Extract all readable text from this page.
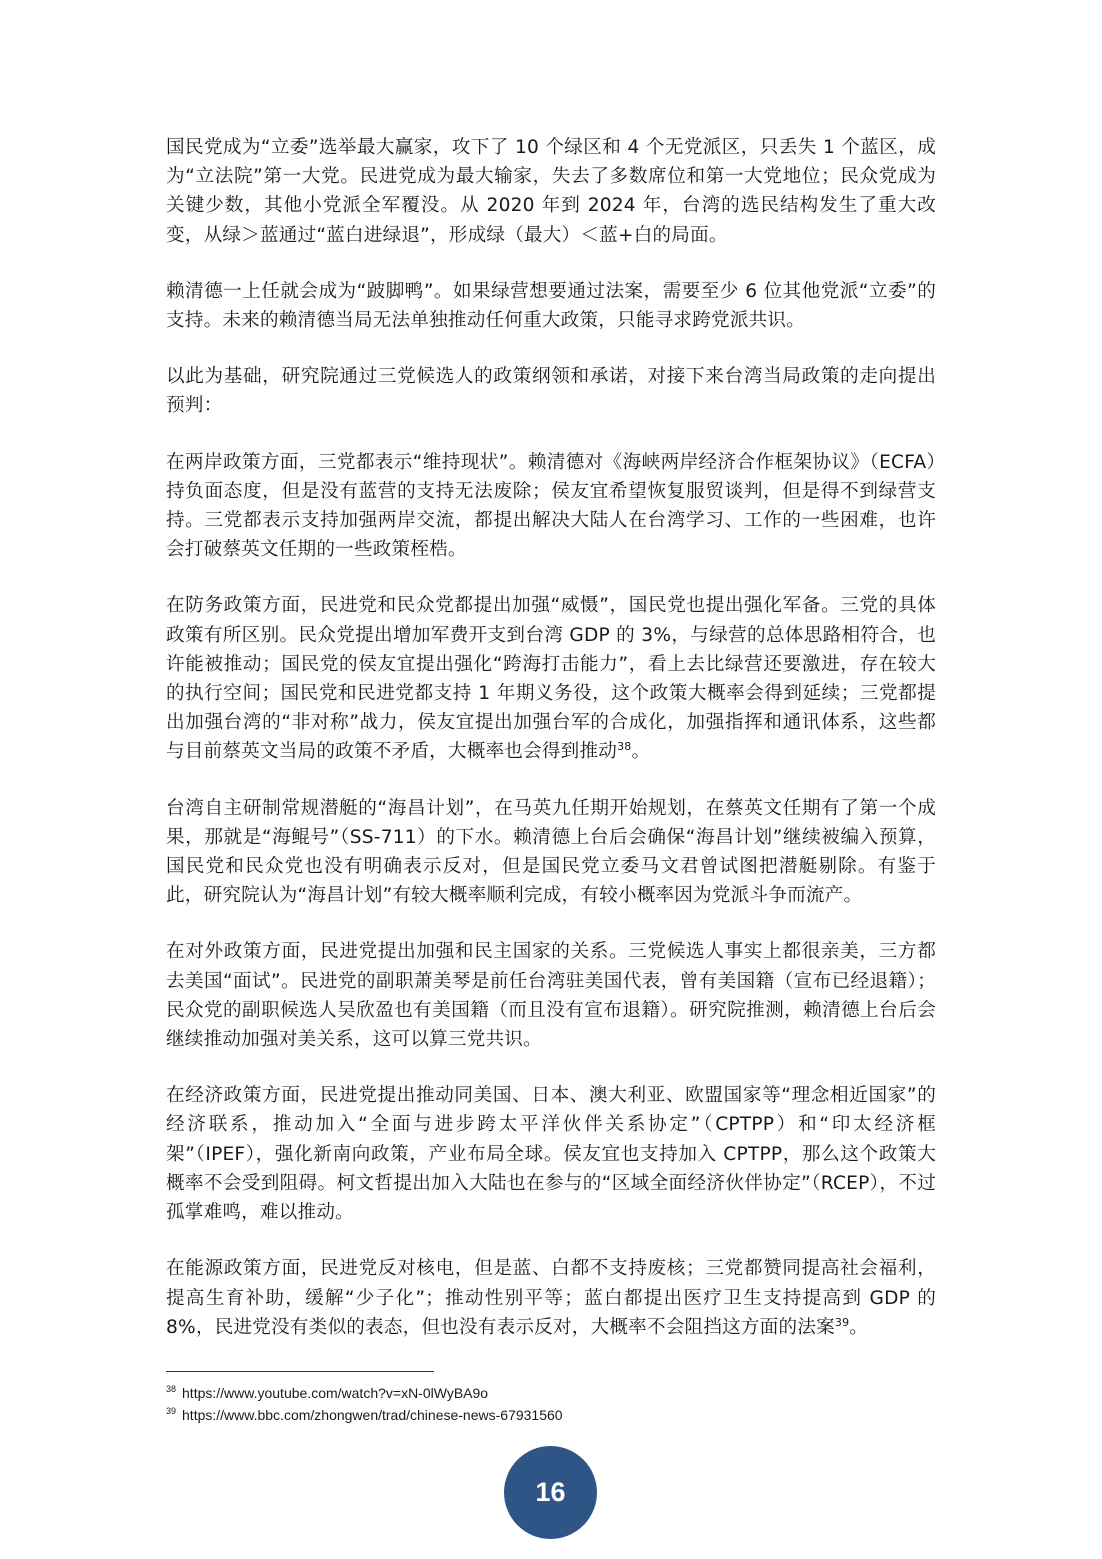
国民党成为“立委”选举最大赢家，攻下了 10 个绿区和 4 个无党派区，只丢失 1 个蓝区，成为“立法院”第一大党。民进党成为最大输家，失去了多数席位和第一大党地位；民众党成为关键少数，其他小党派全军覆没。从 2020 年到 2024 年，台湾的选民结构发生了重大改变，从绿＞蓝通过“蓝白进绿退”，形成绿（最大）＜蓝+白的局面。

赖清德一上任就会成为“跛脚鸭”。如果绿营想要通过法案，需要至少 6 位其他党派“立委”的支持。未来的赖清德当局无法单独推动任何重大政策，只能寻求跨党派共识。

以此为基础，研究院通过三党候选人的政策纲领和承诺，对接下来台湾当局政策的走向提出预判：

在两岸政策方面，三党都表示“维持现状”。赖清德对《海峡两岸经济合作框架协议》（ECFA）持负面态度，但是没有蓝营的支持无法废除；侯友宜希望恢复服贸谈判，但是得不到绿营支持。三党都表示支持加强两岸交流，都提出解决大陆人在台湾学习、工作的一些困难，也许会打破蔡英文任期的一些政策桎梏。

在防务政策方面，民进党和民众党都提出加强“威慑”，国民党也提出强化军备。三党的具体政策有所区别。民众党提出增加军费开支到台湾 GDP 的 3%，与绿营的总体思路相符合，也许能被推动；国民党的侯友宜提出强化“跨海打击能力”，看上去比绿营还要激进，存在较大的执行空间；国民党和民进党都支持 1 年期义务役，这个政策大概率会得到延续；三党都提出加强台湾的“非对称”战力，侯友宜提出加强台军的合成化，加强指挥和通讯体系，这些都与目前蔡英文当局的政策不矛盾，大概率也会得到推动$^{38}$。

台湾自主研制常规潜艇的“海昌计划”，在马英九任期开始规划，在蔡英文任期有了第一个成果，那就是“海鲲号”（SS-711）的下水。赖清德上台后会确保“海昌计划”继续被编入预算，国民党和民众党也没有明确表示反对，但是国民党立委马文君曾试图把潜艇剔除。有鉴于此，研究院认为“海昌计划”有较大概率顺利完成，有较小概率因为党派斗争而流产。

在对外政策方面，民进党提出加强和民主国家的关系。三党候选人事实上都很亲美，三方都去美国“面试”。民进党的副职萧美琴是前任台湾驻美国代表，曾有美国籍（宣布已经退籍）；民众党的副职候选人吴欣盈也有美国籍（而且没有宣布退籍）。研究院推测，赖清德上台后会继续推动加强对美关系，这可以算三党共识。

在经济政策方面，民进党提出推动同美国、日本、澳大利亚、欧盟国家等“理念相近国家”的经济联系，推动加入“全面与进步跨太平洋伙伴关系协定”（CPTPP）和“印太经济框架”（IPEF），强化新南向政策，产业布局全球。侯友宜也支持加入 CPTPP，那么这个政策大概率不会受到阻碍。柯文哲提出加入大陆也在参与的“区域全面经济伙伴协定”（RCEP），不过孤掌难鸣，难以推动。

在能源政策方面，民进党反对核电，但是蓝、白都不支持废核；三党都赞同提高社会福利，提高生育补助，缓解“少子化”；推动性别平等；蓝白都提出医疗卫生支持提高到 GDP 的 8%，民进党没有类似的表态，但也没有表示反对，大概率不会阻挡这方面的法案$^{39}$。

$^{38}$ https://www.youtube.com/watch?v=xN-0lWyBA9o
$^{39}$ https://www.bbc.com/zhongwen/trad/chinese-news-67931560
16
